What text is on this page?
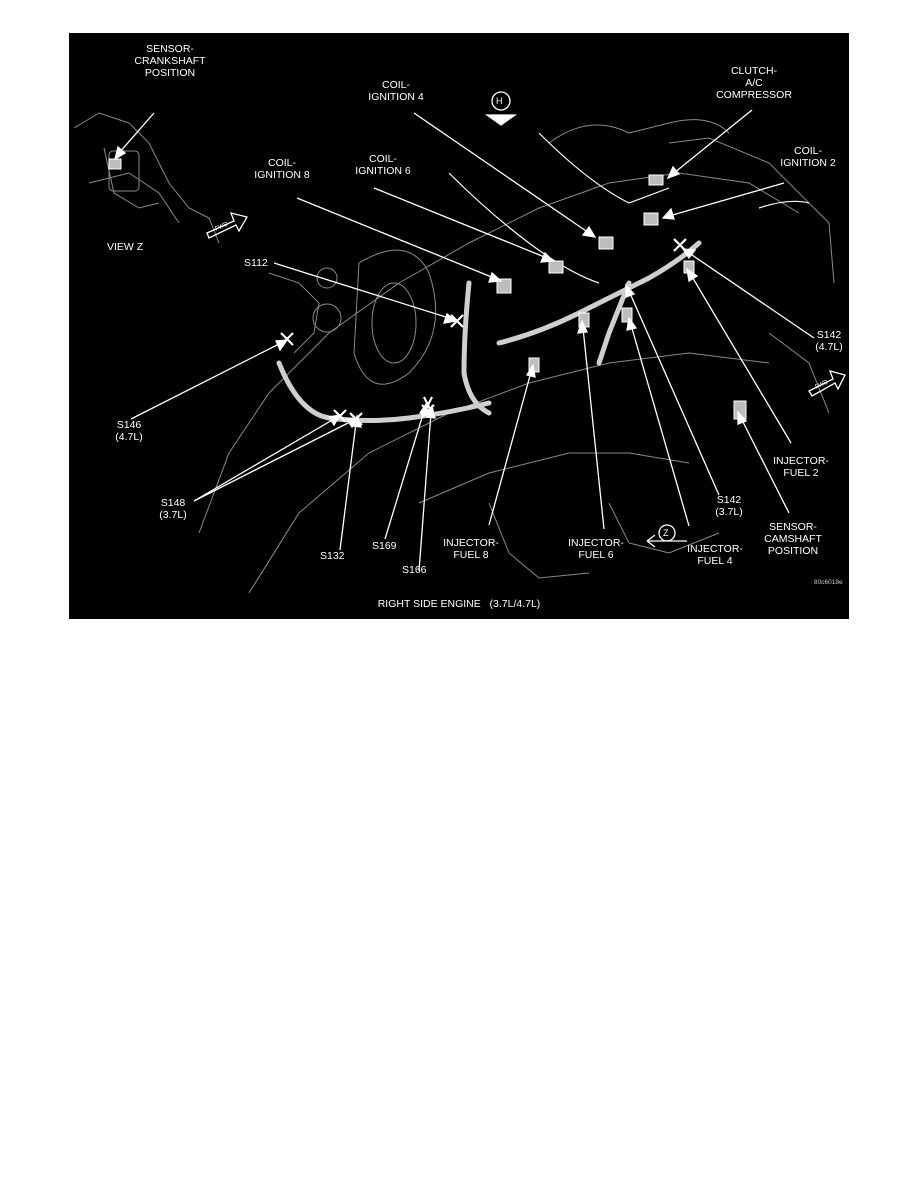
SENSOR-
CRANKSHAFT
POSITION
VIEW Z
COIL-
IGNITION 4
CLUTCH-
A/C
COMPRESSOR
COIL-
IGNITION 2
COIL-
IGNITION 8
COIL-
IGNITION 6
S112
S142
(4.7L)
S146
(4.7L)
S148
(3.7L)
S132
S169
S166
INJECTOR-
FUEL 8
INJECTOR-
FUEL 6	INJECTOR-
FUEL 4
S142
(3.7L)
INJECTOR-
FUEL 2
SENSOR-
CAMSHAFT
POSITION
H
Z
FWD
FWD
80c6018e
RIGHT SIDE ENGINE   (3.7L/4.7L)
